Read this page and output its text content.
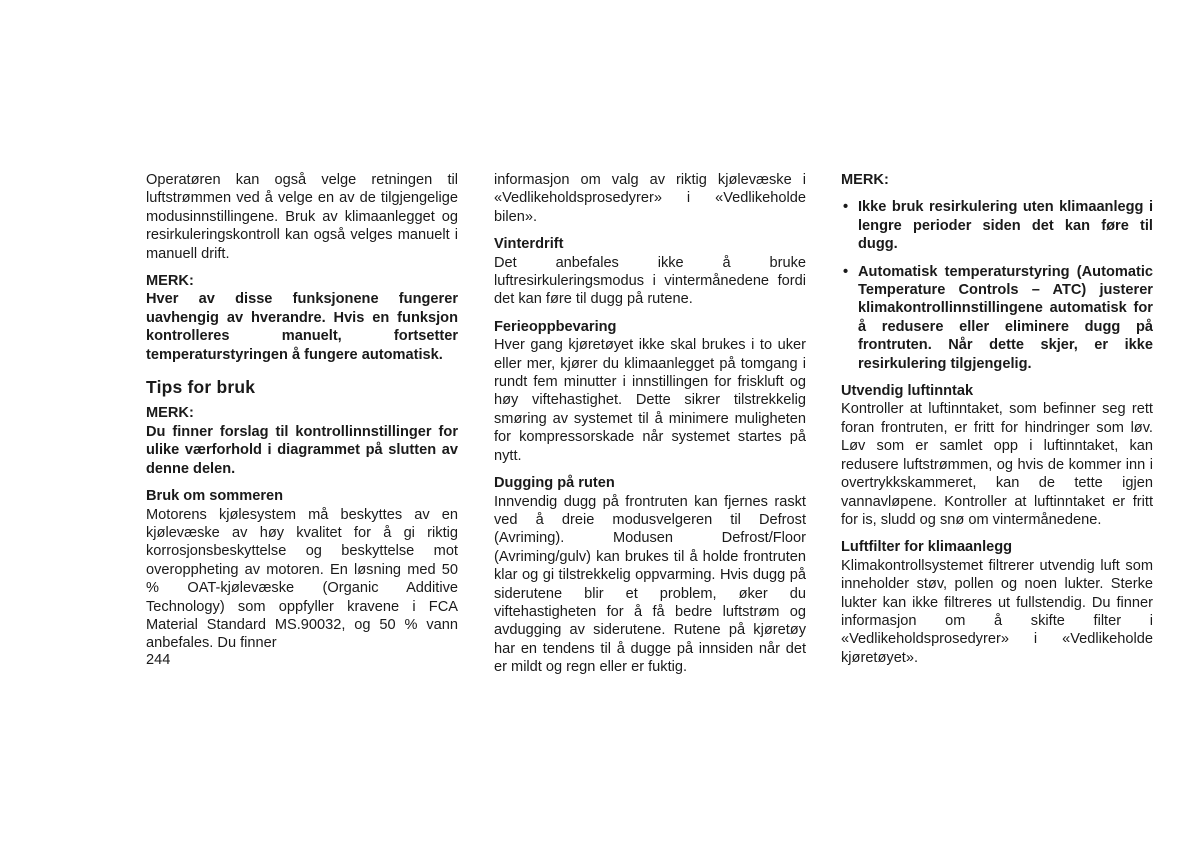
Operatøren kan også velge retningen til luftstrømmen ved å velge en av de tilgjengelige modusinnstillingene. Bruk av klimaanlegget og resirkuleringskontroll kan også velges manuelt i manuell drift.

MERK:

Hver av disse funksjonene fungerer uavhengig av hverandre. Hvis en funksjon kontrolleres manuelt, fortsetter temperaturstyringen å fungere automatisk.

Tips for bruk

MERK:

Du finner forslag til kontrollinnstillinger for ulike værforhold i diagrammet på slutten av denne delen.

Bruk om sommeren

Motorens kjølesystem må beskyttes av en kjølevæske av høy kvalitet for å gi riktig korrosjonsbeskyttelse og beskyttelse mot overoppheting av motoren. En løsning med 50 % OAT-kjølevæske (Organic Additive Technology) som oppfyller kravene i FCA Material Standard MS.90032, og 50 % vann anbefales. Du finner

informasjon om valg av riktig kjølevæske i «Vedlikeholdsprosedyrer» i «Vedlikeholde bilen».

Vinterdrift

Det anbefales ikke å bruke luftresirkuleringsmodus i vintermånedene fordi det kan føre til dugg på rutene.

Ferieoppbevaring

Hver gang kjøretøyet ikke skal brukes i to uker eller mer, kjører du klimaanlegget på tomgang i rundt fem minutter i innstillingen for friskluft og høy viftehastighet. Dette sikrer tilstrekkelig smøring av systemet til å minimere muligheten for kompressorskade når systemet startes på nytt.

Dugging på ruten

Innvendig dugg på frontruten kan fjernes raskt ved å dreie modusvelgeren til Defrost (Avriming). Modusen Defrost/Floor (Avriming/gulv) kan brukes til å holde frontruten klar og gi tilstrekkelig oppvarming. Hvis dugg på siderutene blir et problem, øker du viftehastigheten for å få bedre luftstrøm og avdugging av siderutene. Rutene på kjøretøy har en tendens til å dugge på innsiden når det er mildt og regn eller er fuktig.

MERK:

• Ikke bruk resirkulering uten klimaanlegg i lengre perioder siden det kan føre til dugg.
• Automatisk temperaturstyring (Automatic Temperature Controls – ATC) justerer klimakontrollinnstillingene automatisk for å redusere eller eliminere dugg på frontruten. Når dette skjer, er ikke resirkulering tilgjengelig.

Utvendig luftinntak

Kontroller at luftinntaket, som befinner seg rett foran frontruten, er fritt for hindringer som løv. Løv som er samlet opp i luftinntaket, kan redusere luftstrømmen, og hvis de kommer inn i overtrykkskammeret, kan de tette igjen vannavløpene. Kontroller at luftinntaket er fritt for is, sludd og snø om vintermånedene.

Luftfilter for klimaanlegg

Klimakontrollsystemet filtrerer utvendig luft som inneholder støv, pollen og noen lukter. Sterke lukter kan ikke filtreres ut fullstendig. Du finner informasjon om å skifte filter i «Vedlikeholdsprosedyrer» i «Vedlikeholde kjøretøyet».

244
